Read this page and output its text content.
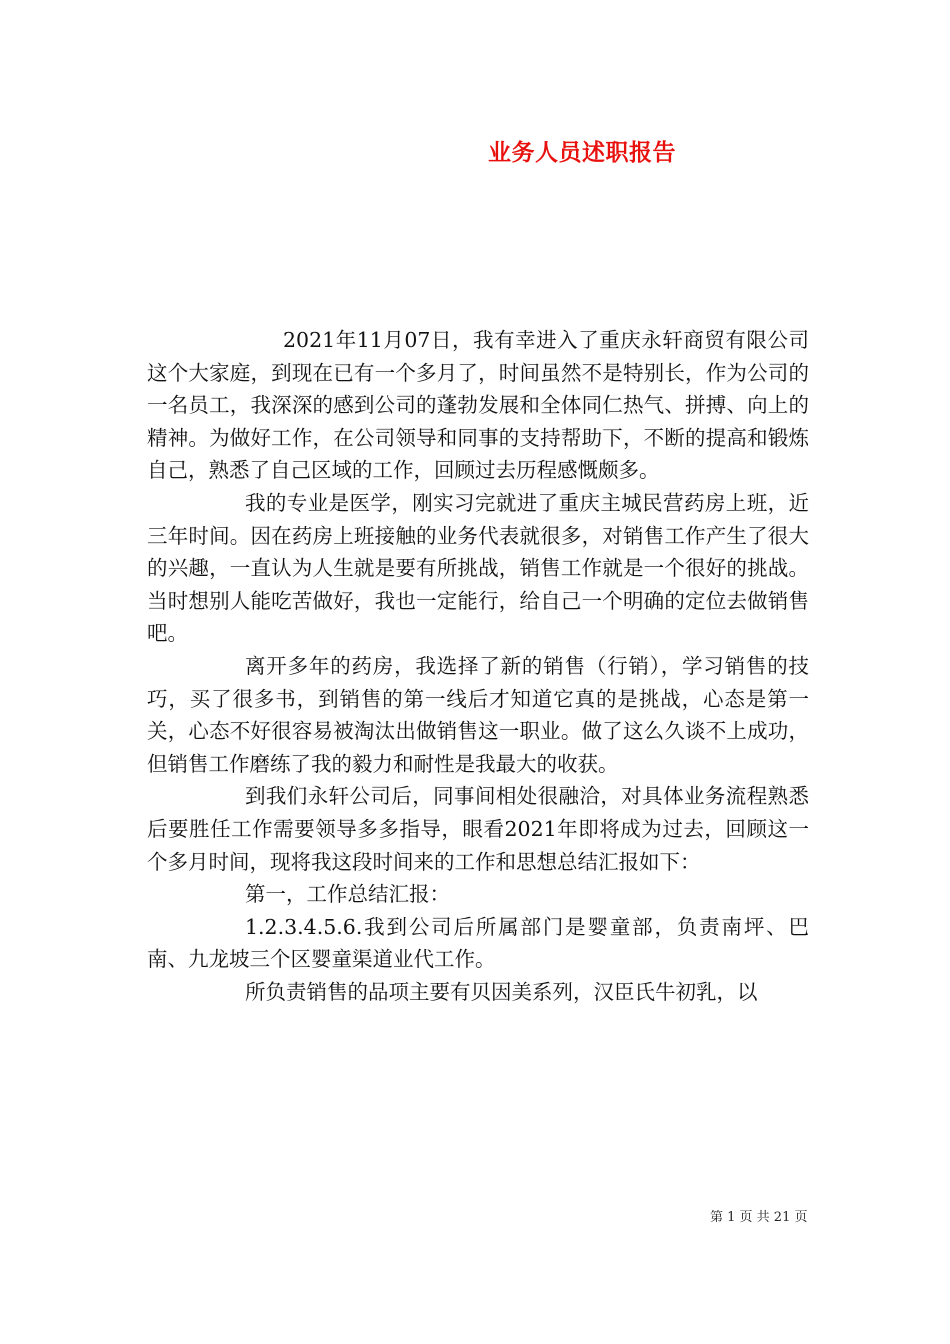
业务人员述职报告

2021年11月07日，我有幸进入了重庆永轩商贸有限公司这个大家庭，到现在已有一个多月了，时间虽然不是特别长，作为公司的一名员工，我深深的感到公司的蓬勃发展和全体同仁热气、拼搏、向上的精神。为做好工作，在公司领导和同事的支持帮助下，不断的提高和锻炼自己，熟悉了自己区域的工作，回顾过去历程感慨颇多。

我的专业是医学，刚实习完就进了重庆主城民营药房上班，近三年时间。因在药房上班接触的业务代表就很多，对销售工作产生了很大的兴趣，一直认为人生就是要有所挑战，销售工作就是一个很好的挑战。当时想别人能吃苦做好，我也一定能行，给自己一个明确的定位去做销售吧。

离开多年的药房，我选择了新的销售（行销），学习销售的技巧，买了很多书，到销售的第一线后才知道它真的是挑战，心态是第一关，心态不好很容易被淘汰出做销售这一职业。做了这么久谈不上成功，但销售工作磨练了我的毅力和耐性是我最大的收获。

到我们永轩公司后，同事间相处很融洽，对具体业务流程熟悉后要胜任工作需要领导多多指导，眼看2021年即将成为过去，回顾这一个多月时间，现将我这段时间来的工作和思想总结汇报如下：

第一，工作总结汇报：

1.2.3.4.5.6.我到公司后所属部门是婴童部，负责南坪、巴南、九龙坡三个区婴童渠道业代工作。

所负责销售的品项主要有贝因美系列，汉臣氏牛初乳，以

第 1 页 共 21 页
